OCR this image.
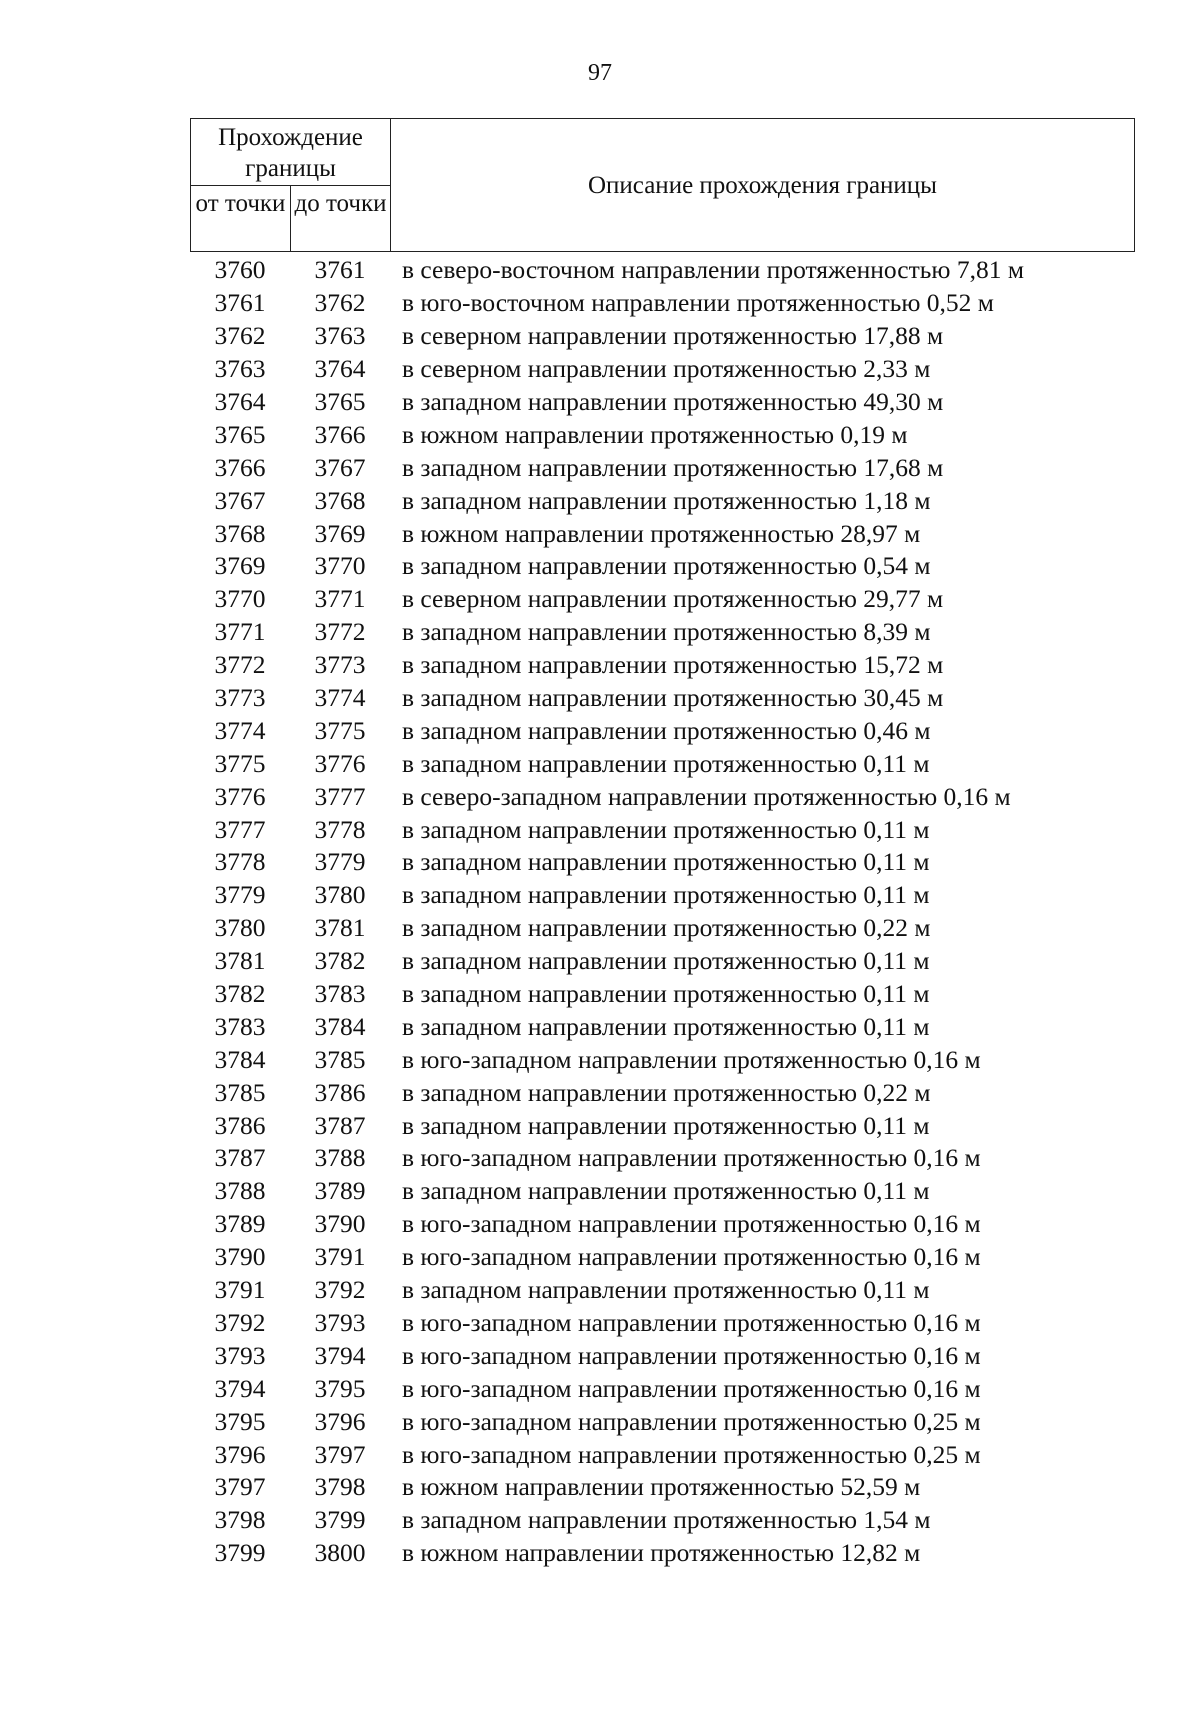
97
Прохождение границы
от точки до точки
Описание прохождения границы
3760	3761	в северо-восточном направлении протяженностью 7,81 м
3761	3762	в юго-восточном направлении протяженностью 0,52 м
3762	3763	в северном направлении протяженностью 17,88 м
3763	3764	в северном направлении протяженностью 2,33 м
3764	3765	в западном направлении протяженностью 49,30 м
3765	3766	в южном направлении протяженностью 0,19 м
3766	3767	в западном направлении протяженностью 17,68 м
3767	3768	в западном направлении протяженностью 1,18 м
3768	3769	в южном направлении протяженностью 28,97 м
3769	3770	в западном направлении протяженностью 0,54 м
3770	3771	в северном направлении протяженностью 29,77 м
3771	3772	в западном направлении протяженностью 8,39 м
3772	3773	в западном направлении протяженностью 15,72 м
3773	3774	в западном направлении протяженностью 30,45 м
3774	3775	в западном направлении протяженностью 0,46 м
3775	3776	в западном направлении протяженностью 0,11 м
3776	3777	в северо-западном направлении протяженностью 0,16 м
3777	3778	в западном направлении протяженностью 0,11 м
3778	3779	в западном направлении протяженностью 0,11 м
3779	3780	в западном направлении протяженностью 0,11 м
3780	3781	в западном направлении протяженностью 0,22 м
3781	3782	в западном направлении протяженностью 0,11 м
3782	3783	в западном направлении протяженностью 0,11 м
3783	3784	в западном направлении протяженностью 0,11 м
3784	3785	в юго-западном направлении протяженностью 0,16 м
3785	3786	в западном направлении протяженностью 0,22 м
3786	3787	в западном направлении протяженностью 0,11 м
3787	3788	в юго-западном направлении протяженностью 0,16 м
3788	3789	в западном направлении протяженностью 0,11 м
3789	3790	в юго-западном направлении протяженностью 0,16 м
3790	3791	в юго-западном направлении протяженностью 0,16 м
3791	3792	в западном направлении протяженностью 0,11 м
3792	3793	в юго-западном направлении протяженностью 0,16 м
3793	3794	в юго-западном направлении протяженностью 0,16 м
3794	3795	в юго-западном направлении протяженностью 0,16 м
3795	3796	в юго-западном направлении протяженностью 0,25 м
3796	3797	в юго-западном направлении протяженностью 0,25 м
3797	3798	в южном направлении протяженностью 52,59 м
3798	3799	в западном направлении протяженностью 1,54 м
3799	3800	в южном направлении протяженностью 12,82 м
